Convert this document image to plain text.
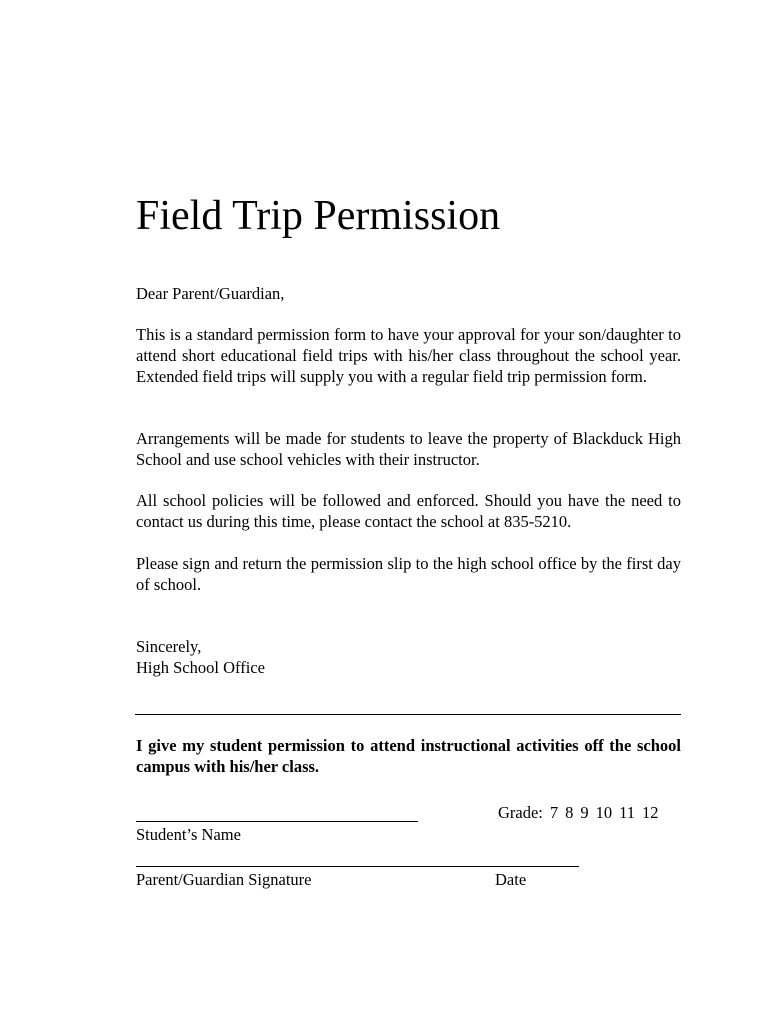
Field Trip Permission

Dear Parent/Guardian,

This is a standard permission form to have your approval for your son/daughter to attend short educational field trips with his/her class throughout the school year. Extended field trips will supply you with a regular field trip permission form.

Arrangements will be made for students to leave the property of Blackduck High School and use school vehicles with their instructor.

All school policies will be followed and enforced. Should you have the need to contact us during this time, please contact the school at 835-5210.

Please sign and return the permission slip to the high school office by the first day of school.

Sincerely,

High School Office

I give my student permission to attend instructional activities off the school campus with his/her class.

Grade: 7 8 9 10 11 12

Student’s Name

Parent/Guardian Signature	Date
